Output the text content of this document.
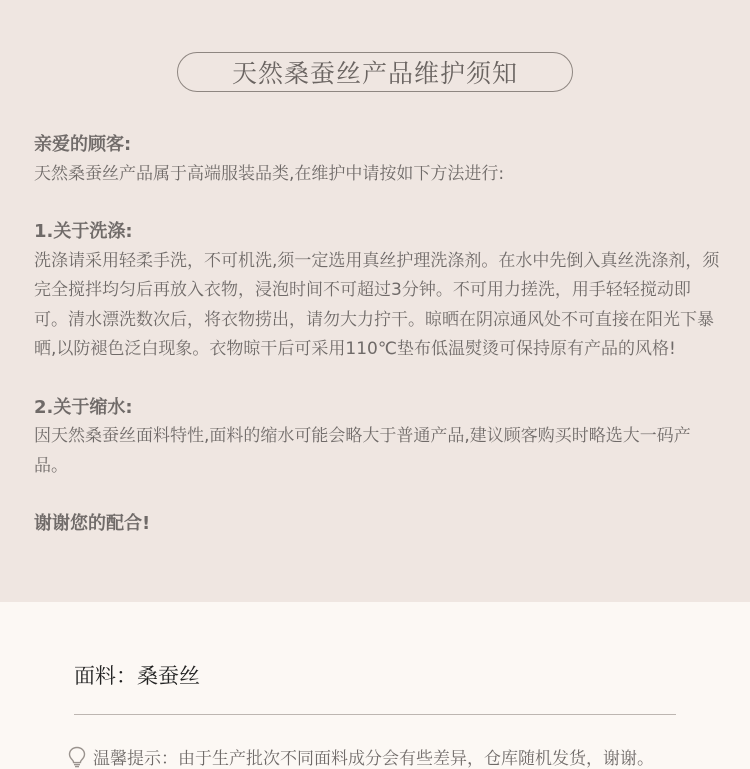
天然桑蚕丝产品维护须知

亲爱的顾客:

天然桑蚕丝产品属于高端服装品类,在维护中请按如下方法进行:

1.关于洗涤:

洗涤请采用轻柔手洗，不可机洗,须一定选用真丝护理洗涤剂。在水中先倒入真丝洗涤剂，须完全搅拌均匀后再放入衣物，浸泡时间不可超过3分钟。不可用力搓洗，用手轻轻搅动即可。清水漂洗数次后，将衣物捞出，请勿大力拧干。晾晒在阴凉通风处不可直接在阳光下暴晒,以防褪色泛白现象。衣物晾干后可采用110℃垫布低温熨烫可保持原有产品的风格!

2.关于缩水:

因天然桑蚕丝面料特性,面料的缩水可能会略大于普通产品,建议顾客购买时略选大一码产品。

谢谢您的配合!

面料： 桑蚕丝
温馨提示：由于生产批次不同面料成分会有些差异，仓库随机发货，谢谢。
